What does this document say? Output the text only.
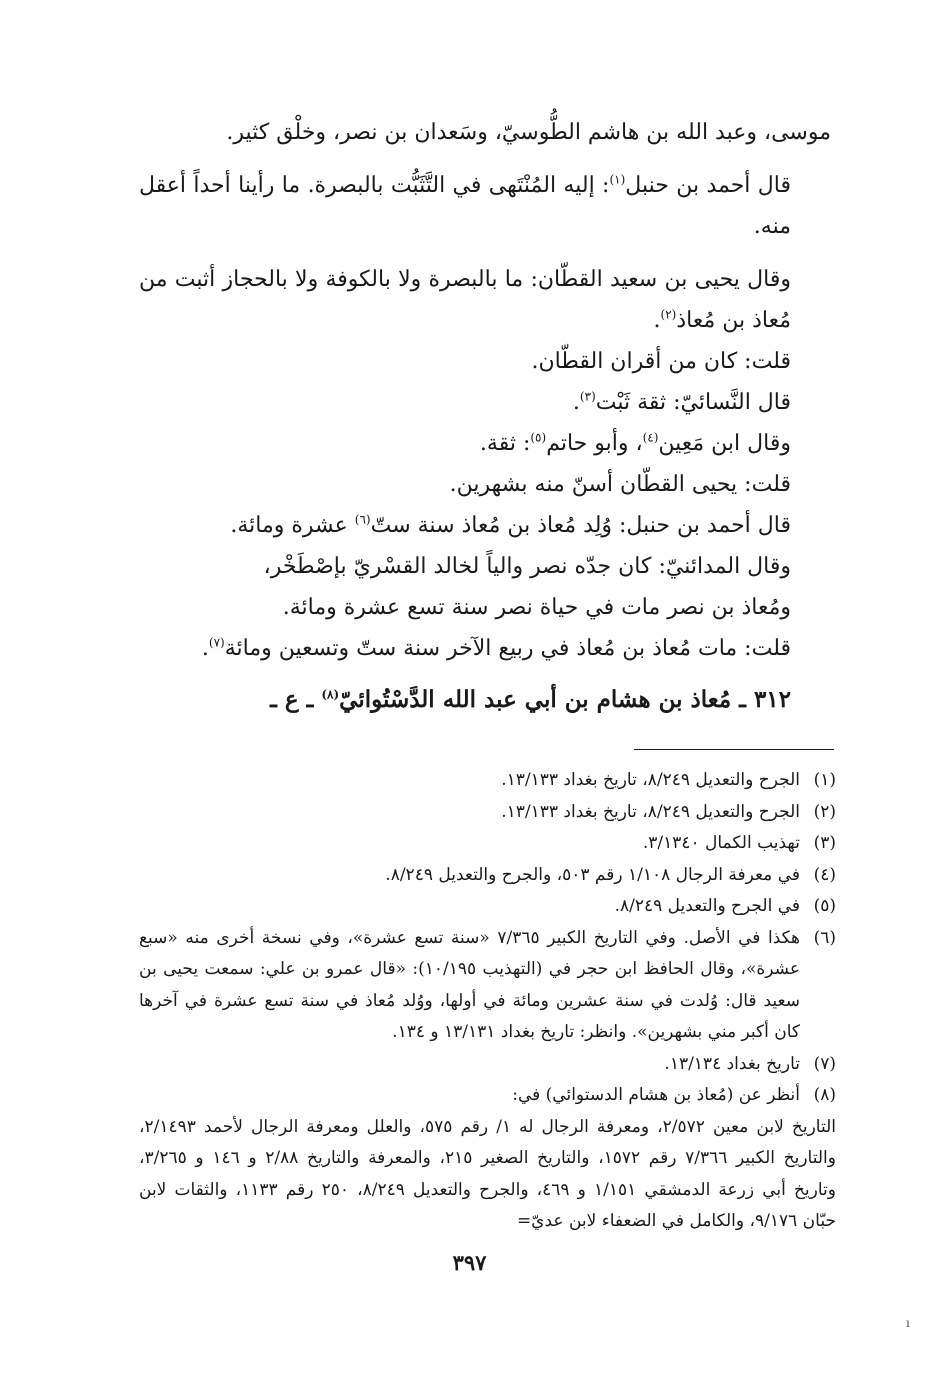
موسى، وعبد الله بن هاشم الطُّوسيّ، وسَعدان بن نصر، وخلْق كثير.

قال أحمد بن حنبل$^{(١)}$: إليه المُنْتَهى في التَّثَبُّت بالبصرة. ما رأينا أحداً أعقل منه.

وقال يحيى بن سعيد القطّان: ما بالبصرة ولا بالكوفة ولا بالحجاز أثبت من مُعاذ بن مُعاذ$^{(٢)}$.

قلت: كان من أقران القطّان.

قال النَّسائيّ: ثقة ثَبْت$^{(٣)}$.

وقال ابن مَعِين$^{(٤)}$، وأبو حاتم$^{(٥)}$: ثقة.

قلت: يحيى القطّان أسنّ منه بشهرين.

قال أحمد بن حنبل: وُلِد مُعاذ بن مُعاذ سنة ستّ$^{(٦)}$ عشرة ومائة.

وقال المدائنيّ: كان جدّه نصر والياً لخالد القسْريّ بإصْطَخْر،

ومُعاذ بن نصر مات في حياة نصر سنة تسع عشرة ومائة.

قلت: مات مُعاذ بن مُعاذ في ربيع الآخر سنة ستّ وتسعين ومائة$^{(٧)}$.

٣١٢ ـ مُعاذ بن هشام بن أبي عبد الله الدَّسْتُوائيّ$^{(٨)}$ ـ ع ـ

(١)
الجرح والتعديل ٨/٢٤٩، تاريخ بغداد ١٣/١٣٣.
(٢)
الجرح والتعديل ٨/٢٤٩، تاريخ بغداد ١٣/١٣٣.
(٣)
تهذيب الكمال ٣/١٣٤٠.
(٤)
في معرفة الرجال ١/١٠٨ رقم ٥٠٣، والجرح والتعديل ٨/٢٤٩.
(٥)
في الجرح والتعديل ٨/٢٤٩.
(٦)
هكذا في الأصل. وفي التاريخ الكبير ٧/٣٦٥ «سنة تسع عشرة»، وفي نسخة أخرى منه «سبع عشرة»، وقال الحافظ ابن حجر في (التهذيب ١٠/١٩٥): «قال عمرو بن علي: سمعت يحيى بن سعيد قال: وُلدت في سنة عشرين ومائة في أولها، ووُلد مُعاذ في سنة تسع عشرة في آخرها كان أكبر مني بشهرين». وانظر: تاريخ بغداد ١٣/١٣١ و ١٣٤.
(٧)
تاريخ بغداد ١٣/١٣٤.
(٨)
أنظر عن (مُعاذ بن هشام الدستوائي) في:
التاريخ لابن معين ٢/٥٧٢، ومعرفة الرجال له ١/ رقم ٥٧٥، والعلل ومعرفة الرجال لأحمد ٢/١٤٩٣، والتاريخ الكبير ٧/٣٦٦ رقم ١٥٧٢، والتاريخ الصغير ٢١٥، والمعرفة والتاريخ ٢/٨٨ و ١٤٦ و ٣/٢٦٥، وتاريخ أبي زرعة الدمشقي ١/١٥١ و ٤٦٩، والجرح والتعديل ٨/٢٤٩، ٢٥٠ رقم ١١٣٣، والثقات لابن حبّان ٩/١٧٦، والكامل في الضعفاء لابن عديّ=
٣٩٧
ı
